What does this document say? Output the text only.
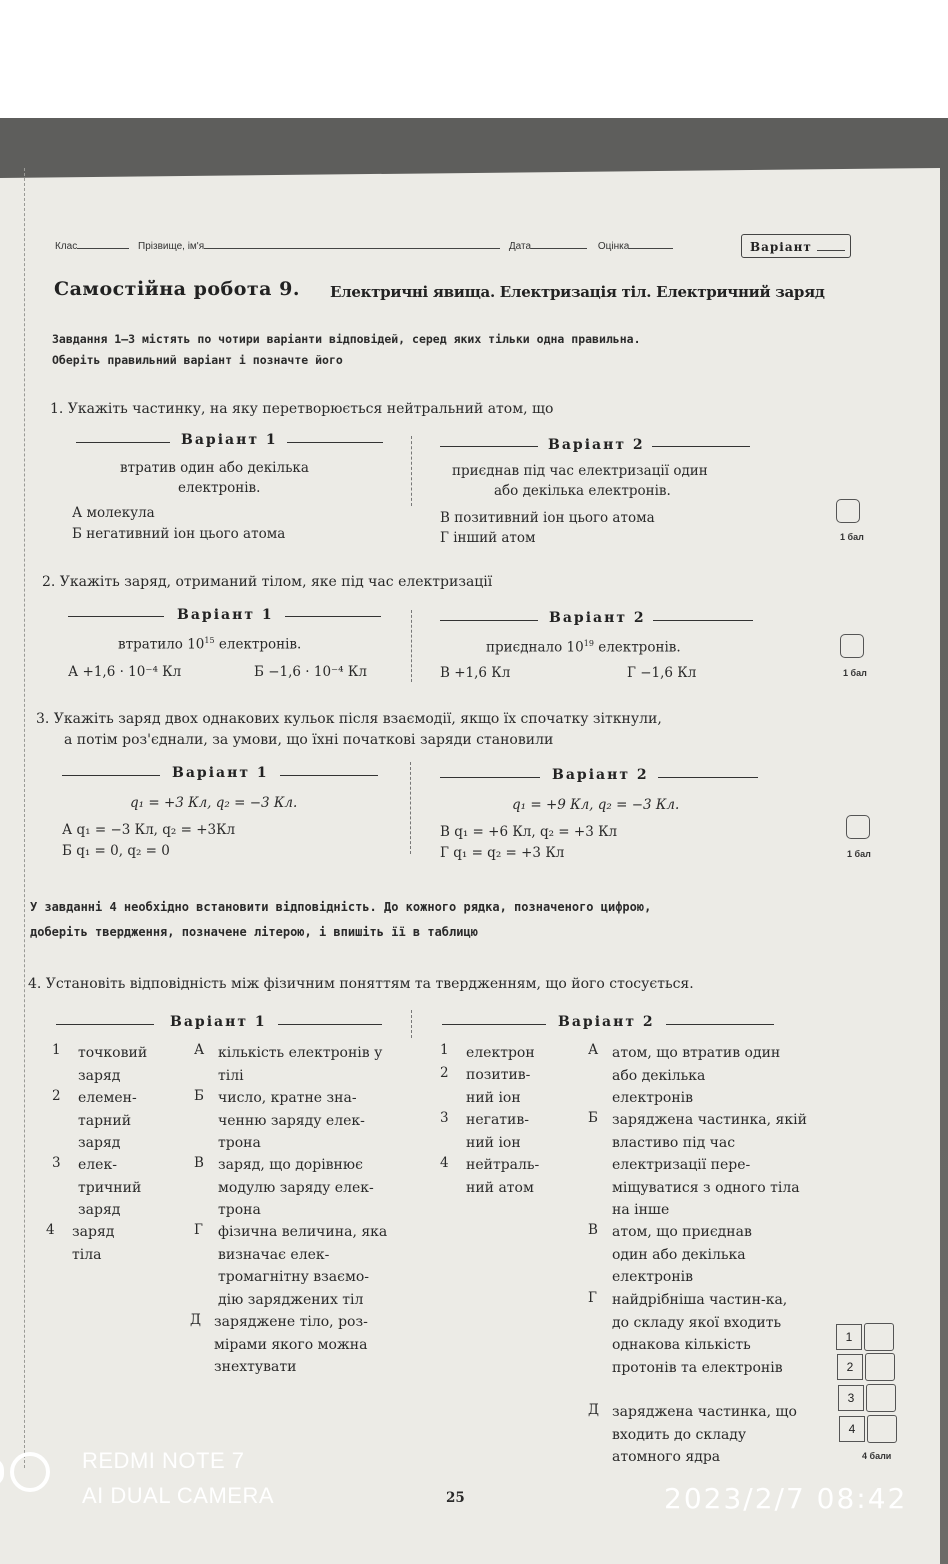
Клас	Прізвище, ім'я	Дата	Оцінка	Варіант
Самостійна робота 9. Електричні явища. Електризація тіл. Електричний заряд
Завдання 1–3 містять по чотири варіанти відповідей, серед яких тільки одна правильна.
Оберіть правильний варіант і позначте його
1. Укажіть частинку, на яку перетворюється нейтральний атом, що
Варіант 1	Варіант 2
втратив один або декілька
електронів.
приєднав під час електризації один
або декілька електронів.
А молекула
Б негативний іон цього атома
В позитивний іон цього атома
Г інший атом	1 бал
2. Укажіть заряд, отриманий тілом, яке під час електризації
Варіант 1	Варіант 2
втратило $10^{15}$ електронів.	приєднало $10^{19}$ електронів.
А +1,6 · 10⁻⁴ Кл	Б −1,6 · 10⁻⁴ Кл	В +1,6 Кл	Г −1,6 Кл	1 бал
3. Укажіть заряд двох однакових кульок після взаємодії, якщо їх спочатку зіткнули,
а потім роз'єднали, за умови, що їхні початкові заряди становили
Варіант 1	Варіант 2
q₁ = +3 Кл, q₂ = −3 Кл.	q₁ = +9 Кл, q₂ = −3 Кл.
А q₁ = −3 Кл, q₂ = +3Кл
Б q₁ = 0, q₂ = 0
В q₁ = +6 Кл, q₂ = +3 Кл
Г q₁ = q₂ = +3 Кл	1 бал
У завданні 4 необхідно встановити відповідність. До кожного рядка, позначеного цифрою,
доберіть твердження, позначене літерою, і впишіть її в таблицю
4. Установіть відповідність між фізичним поняттям та твердженням, що його стосується.
Варіант 1	Варіант 2
1 точковий заряд
2 елемен-тарний заряд
3 елек-тричний заряд
4 заряд тіла
А кількість електронів у тілі
Б число, кратне зна-ченню заряду елек-трона
В заряд, що дорівнює модулю заряду елек-трона
Г фізична величина, яка визначає елек-тромагнітну взаємо-дію заряджених тіл
Д заряджене тіло, роз-мірами якого можна знехтувати
1 електрон
2 позитив-ний іон
3 негатив-ний іон
4 нейтраль-ний атом
А атом, що втратив один або декілька електронів
Б заряджена частинка, якій властиво під час електризації пере-міщуватися з одного тіла на інше
В атом, що приєднав один або декілька електронів
Г найдрібніша частин-ка, до складу якої входить однакова кількість протонів та електронів
Д заряджена частинка, що входить до складу атомного ядра
1
2
3
4
4 бали
25
REDMI NOTE 7
AI DUAL CAMERA	2023/2/7 08:42
